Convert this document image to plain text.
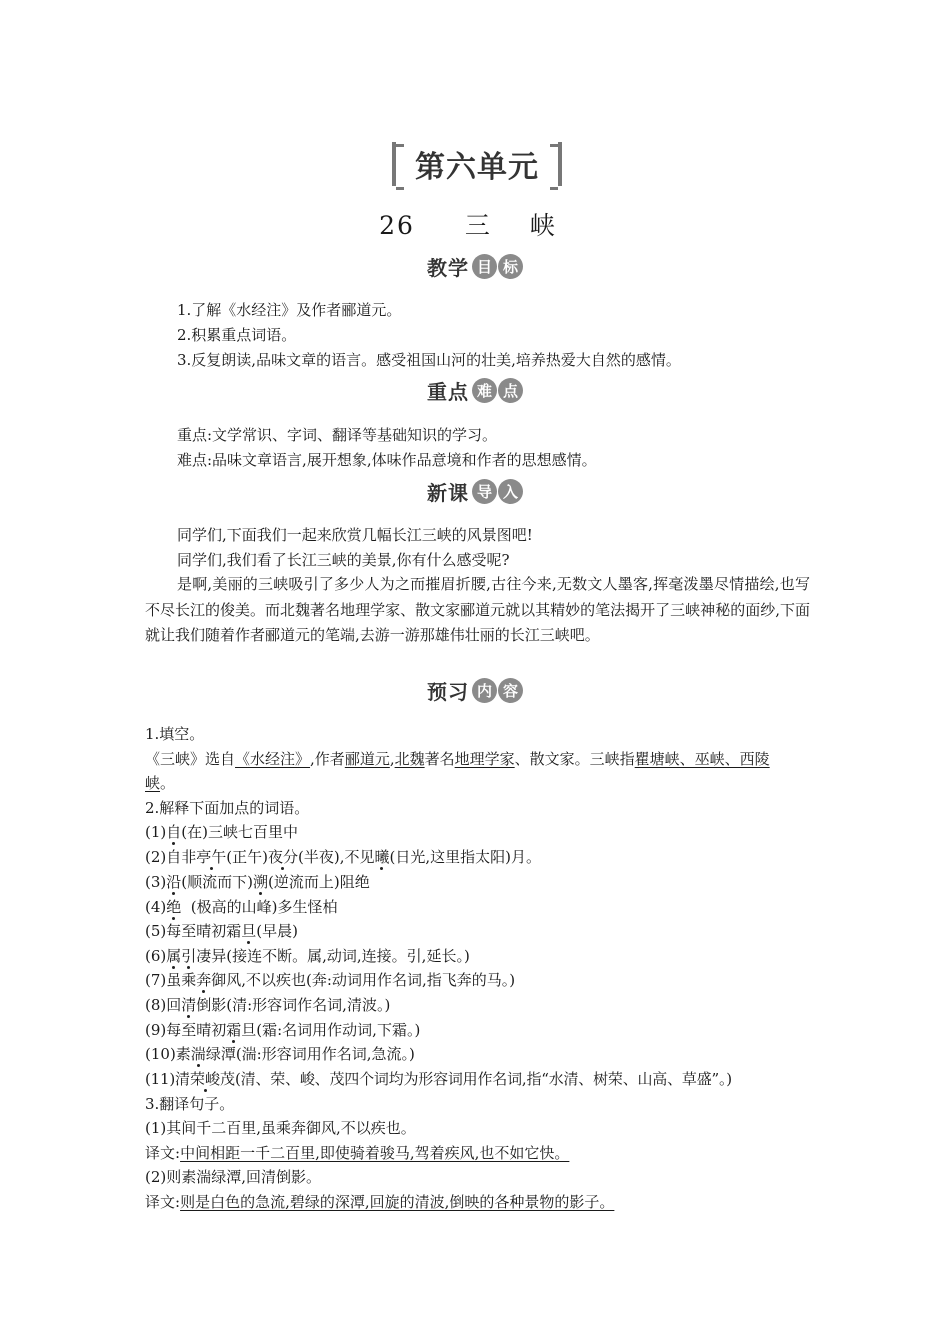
第六单元
26 三 峡
教学 目 标
1.了解《水经注》及作者郦道元。
2.积累重点词语。
3.反复朗读,品味文章的语言。感受祖国山河的壮美,培养热爱大自然的感情。
重点 难 点
重点:文学常识、字词、翻译等基础知识的学习。
难点:品味文章语言,展开想象,体味作品意境和作者的思想感情。
新课 导 入
同学们,下面我们一起来欣赏几幅长江三峡的风景图吧!
同学们,我们看了长江三峡的美景,你有什么感受呢?
是啊,美丽的三峡吸引了多少人为之而摧眉折腰,古往今来,无数文人墨客,挥毫泼墨尽情描绘,也写不尽长江的俊美。而北魏著名地理学家、散文家郦道元就以其精妙的笔法揭开了三峡神秘的面纱,下面就让我们随着作者郦道元的笔端,去游一游那雄伟壮丽的长江三峡吧。
预习 内 容
1.填空。
《三峡》选自《水经注》,作者郦道元,北魏著名地理学家、散文家。三峡指瞿塘峡、巫峡、西陵
峡。
2.解释下面加点的词语。
(1)自(在)三峡七百里中
(2)自非亭午(正午)夜分(半夜),不见曦(日光,这里指太阳)月。
(3)沿(顺流而下)溯(逆流而上)阻绝
(4)绝  (极高的山峰)多生怪柏
(5)每至晴初霜旦(早晨)
(6)属引凄异(接连不断。属,动词,连接。引,延长。)
(7)虽乘奔御风,不以疾也(奔:动词用作名词,指飞奔的马。)
(8)回清倒影(清:形容词作名词,清波。)
(9)每至晴初霜旦(霜:名词用作动词,下霜。)
(10)素湍绿潭(湍:形容词用作名词,急流。)
(11)清荣峻茂(清、荣、峻、茂四个词均为形容词用作名词,指“水清、树荣、山高、草盛”。)
3.翻译句子。
(1)其间千二百里,虽乘奔御风,不以疾也。
译文:中间相距一千二百里,即使骑着骏马,驾着疾风,也不如它快。
(2)则素湍绿潭,回清倒影。
译文:则是白色的急流,碧绿的深潭,回旋的清波,倒映的各种景物的影子。
